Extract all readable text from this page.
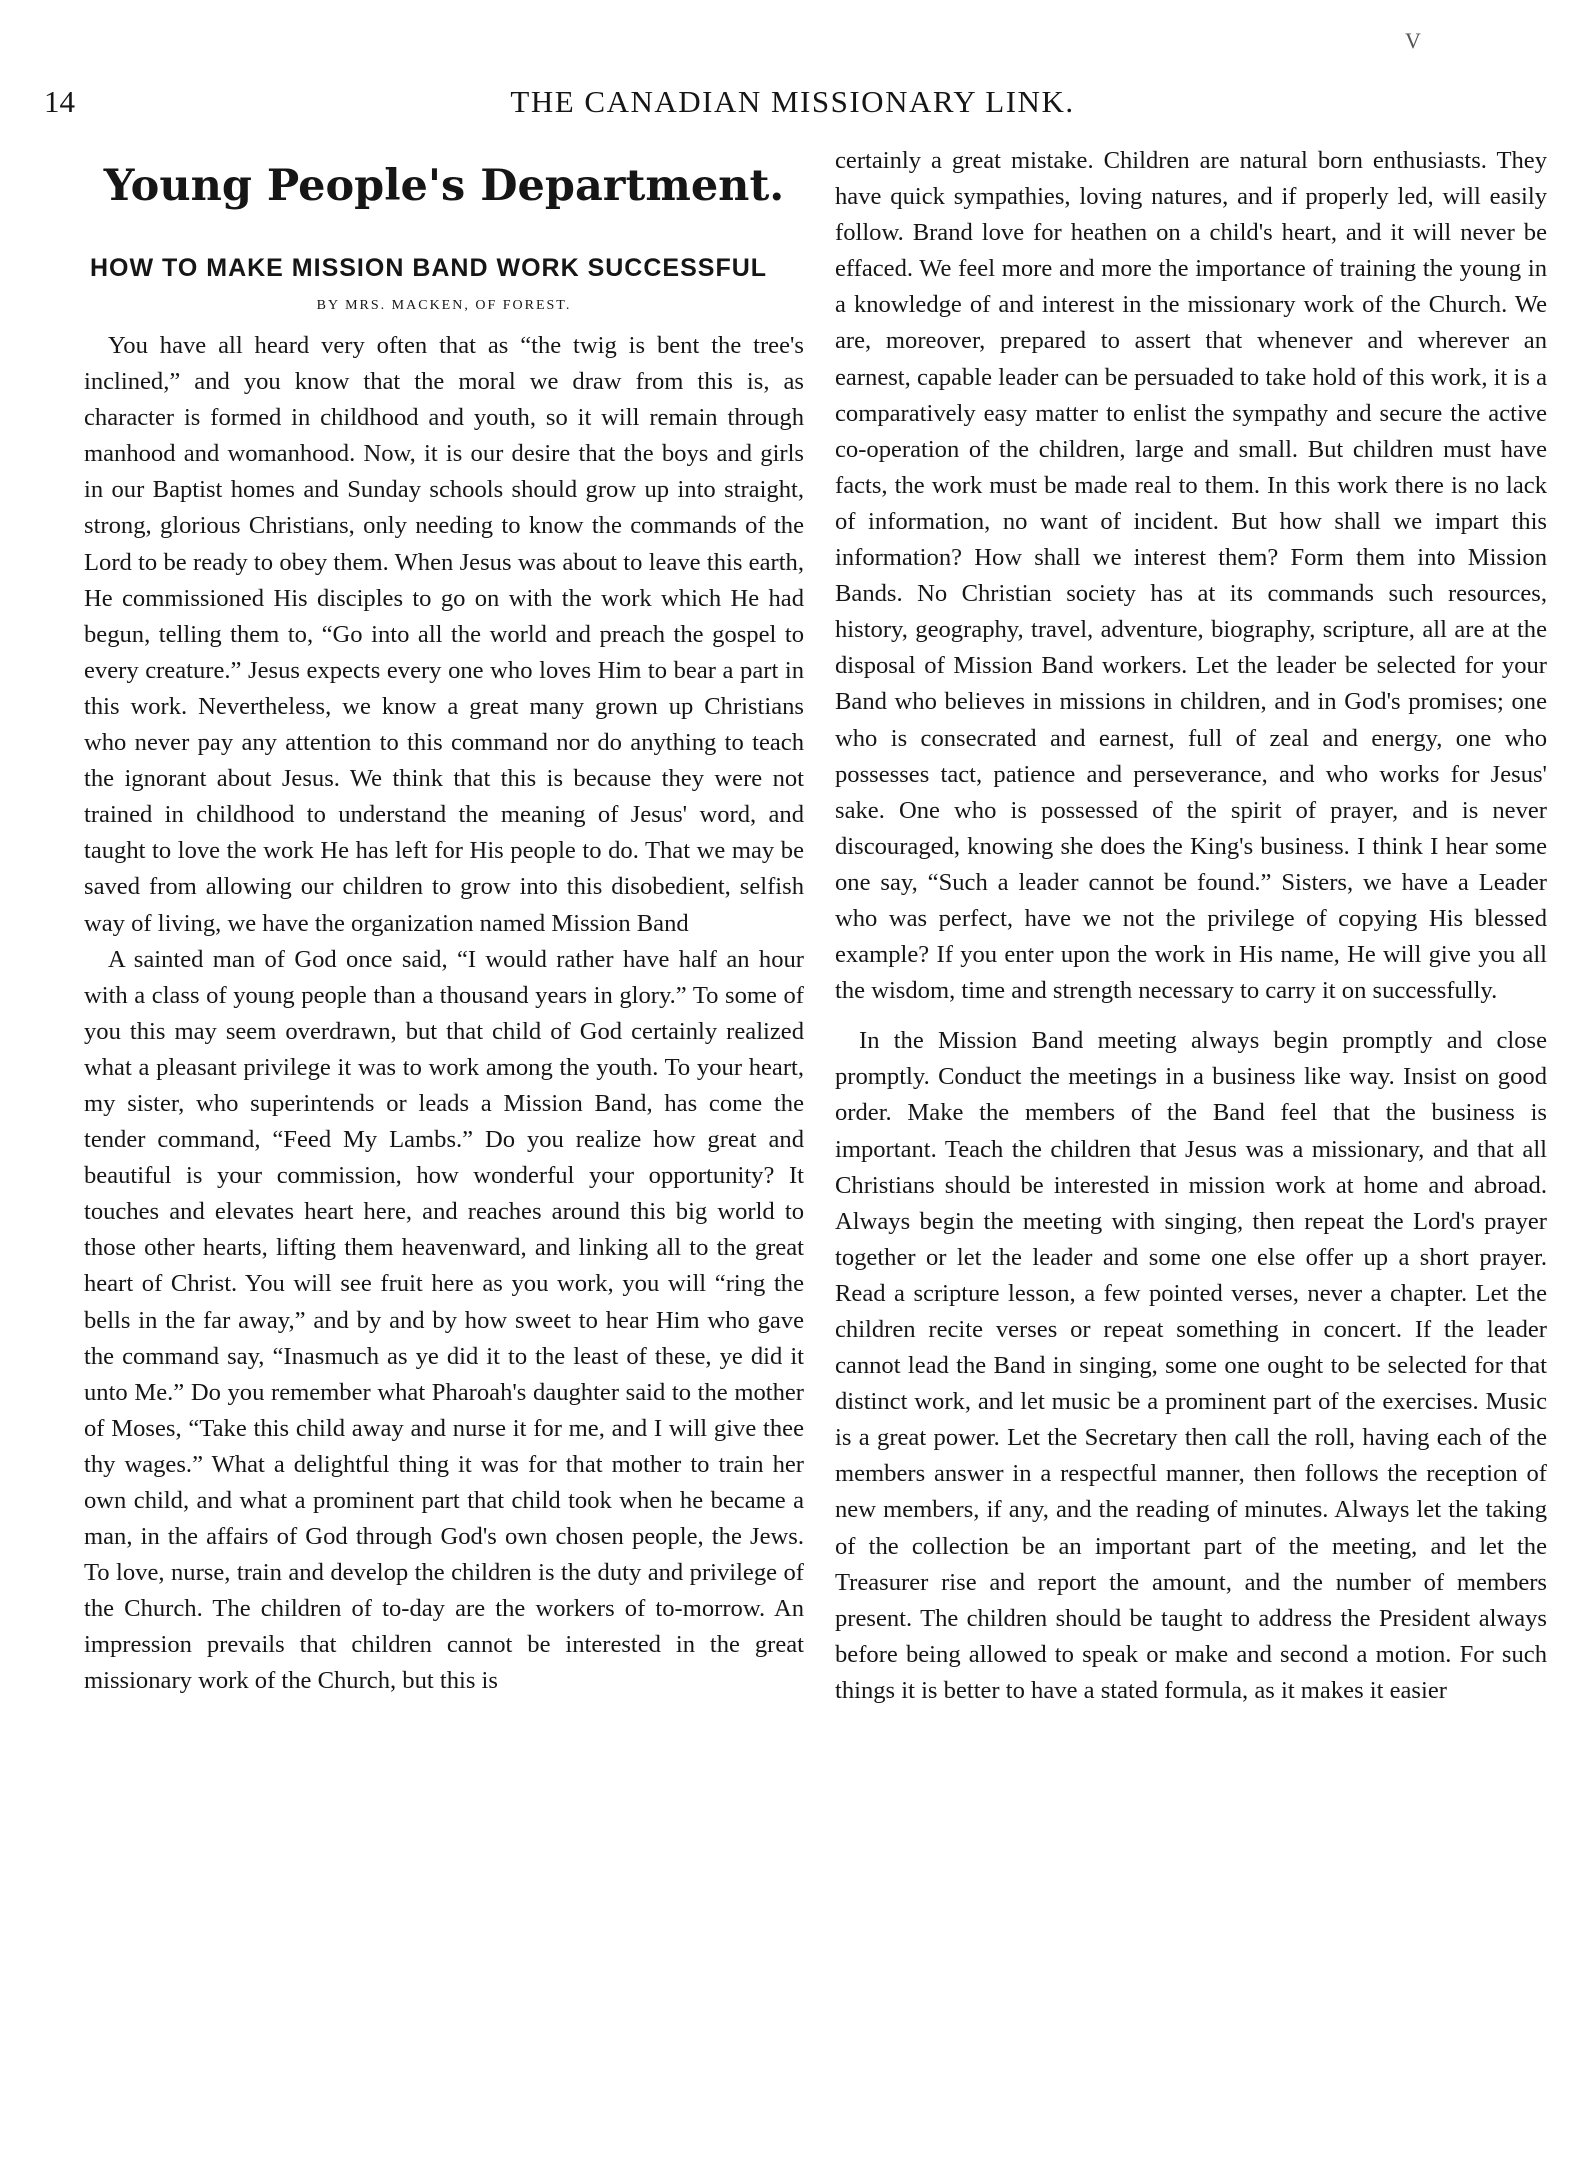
14	THE CANADIAN MISSIONARY LINK.
V
Young People's Department.
HOW TO MAKE MISSION BAND WORK SUCCESSFUL
BY MRS. MACKEN, OF FOREST.

You have all heard very often that as “the twig is bent the tree's inclined,” and you know that the moral we draw from this is, as character is formed in childhood and youth, so it will remain through manhood and womanhood. Now, it is our desire that the boys and girls in our Baptist homes and Sunday schools should grow up into straight, strong, glorious Christians, only needing to know the commands of the Lord to be ready to obey them. When Jesus was about to leave this earth, He commissioned His disciples to go on with the work which He had begun, telling them to, “Go into all the world and preach the gospel to every creature.” Jesus expects every one who loves Him to bear a part in this work. Nevertheless, we know a great many grown up Christians who never pay any attention to this command nor do anything to teach the ignorant about Jesus. We think that this is because they were not trained in childhood to understand the meaning of Jesus' word, and taught to love the work He has left for His people to do. That we may be saved from allowing our children to grow into this disobedient, selfish way of living, we have the organization named Mission Band

A sainted man of God once said, “I would rather have half an hour with a class of young people than a thousand years in glory.” To some of you this may seem overdrawn, but that child of God certainly realized what a pleasant privilege it was to work among the youth. To your heart, my sister, who superintends or leads a Mission Band, has come the tender command, “Feed My Lambs.” Do you realize how great and beautiful is your commission, how wonderful your opportunity? It touches and elevates heart here, and reaches around this big world to those other hearts, lifting them heavenward, and linking all to the great heart of Christ. You will see fruit here as you work, you will “ring the bells in the far away,” and by and by how sweet to hear Him who gave the command say, “Inasmuch as ye did it to the least of these, ye did it unto Me.” Do you remember what Pharoah's daughter said to the mother of Moses, “Take this child away and nurse it for me, and I will give thee thy wages.” What a delightful thing it was for that mother to train her own child, and what a prominent part that child took when he became a man, in the affairs of God through God's own chosen people, the Jews. To love, nurse, train and develop the children is the duty and privilege of the Church. The children of to-day are the workers of to-morrow. An impression prevails that children cannot be interested in the great missionary work of the Church, but this is

certainly a great mistake. Children are natural born enthusiasts. They have quick sympathies, loving natures, and if properly led, will easily follow. Brand love for heathen on a child's heart, and it will never be effaced. We feel more and more the importance of training the young in a knowledge of and interest in the missionary work of the Church. We are, moreover, prepared to assert that whenever and wherever an earnest, capable leader can be persuaded to take hold of this work, it is a comparatively easy matter to enlist the sympathy and secure the active co-operation of the children, large and small. But children must have facts, the work must be made real to them. In this work there is no lack of information, no want of incident. But how shall we impart this information? How shall we interest them? Form them into Mission Bands. No Christian society has at its commands such resources, history, geography, travel, adventure, biography, scripture, all are at the disposal of Mission Band workers. Let the leader be selected for your Band who believes in missions in children, and in God's promises; one who is consecrated and earnest, full of zeal and energy, one who possesses tact, patience and perseverance, and who works for Jesus' sake. One who is possessed of the spirit of prayer, and is never discouraged, knowing she does the King's business. I think I hear some one say, “Such a leader cannot be found.” Sisters, we have a Leader who was perfect, have we not the privilege of copying His blessed example? If you enter upon the work in His name, He will give you all the wisdom, time and strength necessary to carry it on successfully.

In the Mission Band meeting always begin promptly and close promptly. Conduct the meetings in a business like way. Insist on good order. Make the members of the Band feel that the business is important. Teach the children that Jesus was a missionary, and that all Christians should be interested in mission work at home and abroad. Always begin the meeting with singing, then repeat the Lord's prayer together or let the leader and some one else offer up a short prayer. Read a scripture lesson, a few pointed verses, never a chapter. Let the children recite verses or repeat something in concert. If the leader cannot lead the Band in singing, some one ought to be selected for that distinct work, and let music be a prominent part of the exercises. Music is a great power. Let the Secretary then call the roll, having each of the members answer in a respectful manner, then follows the reception of new members, if any, and the reading of minutes. Always let the taking of the collection be an important part of the meeting, and let the Treasurer rise and report the amount, and the number of members present. The children should be taught to address the President always before being allowed to speak or make and second a motion. For such things it is better to have a stated formula, as it makes it easier
